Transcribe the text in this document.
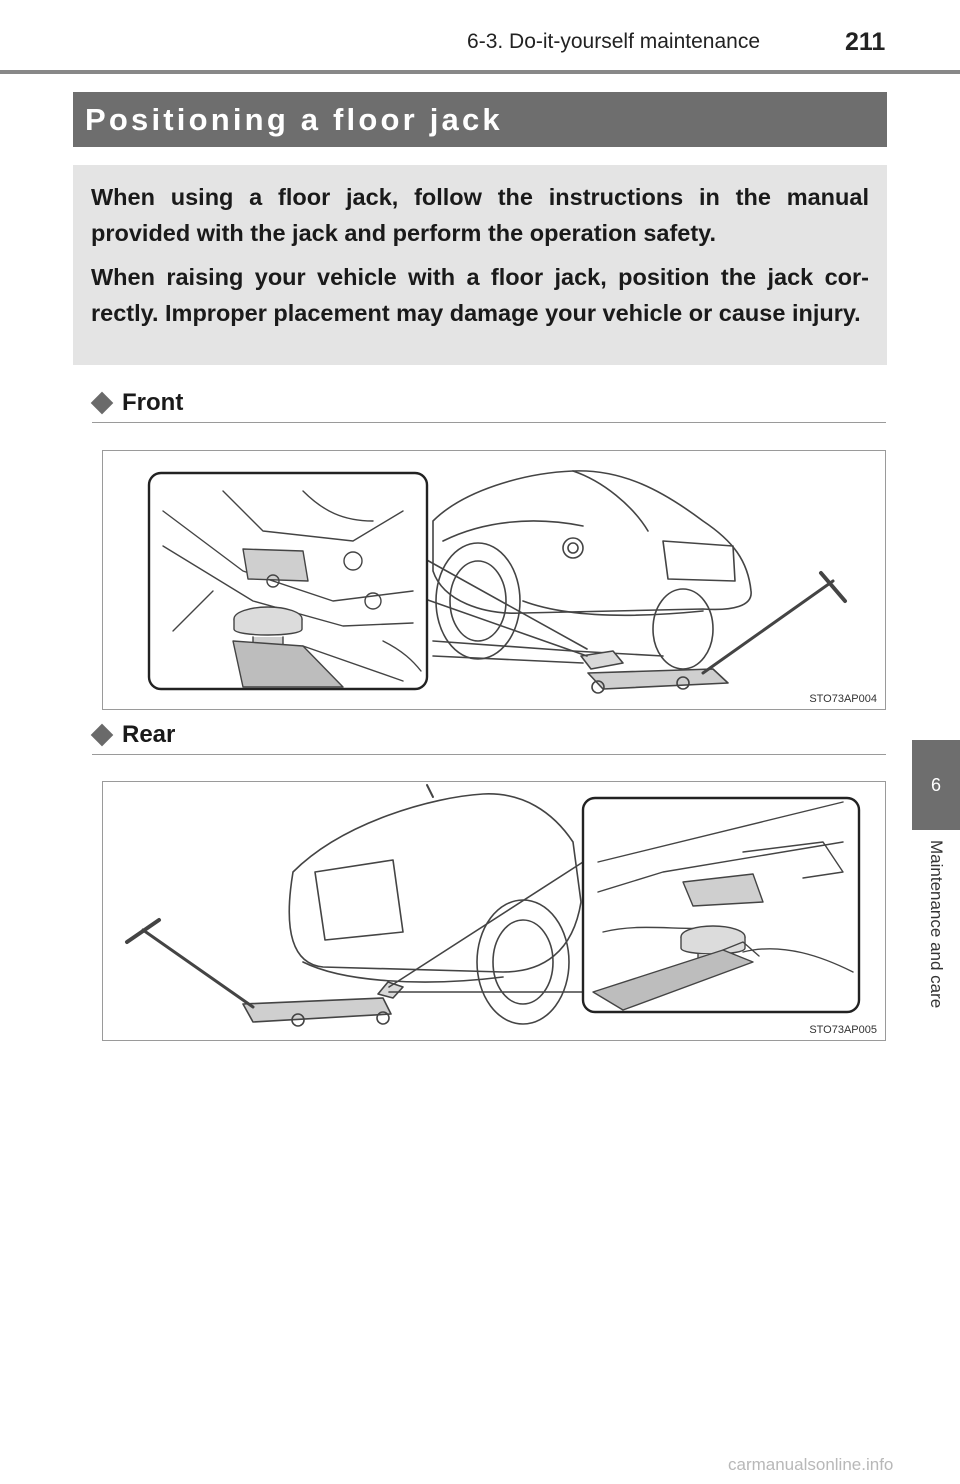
6-3. Do-it-yourself maintenance	211
Positioning a floor jack

When using a floor jack, follow the instructions in the manual provided with the jack and perform the operation safety.

When raising your vehicle with a floor jack, position the jack cor-rectly. Improper placement may damage your vehicle or cause injury.

Front
STO73AP004
Rear
STO73AP005
6
Maintenance and care
carmanualsonline.info
